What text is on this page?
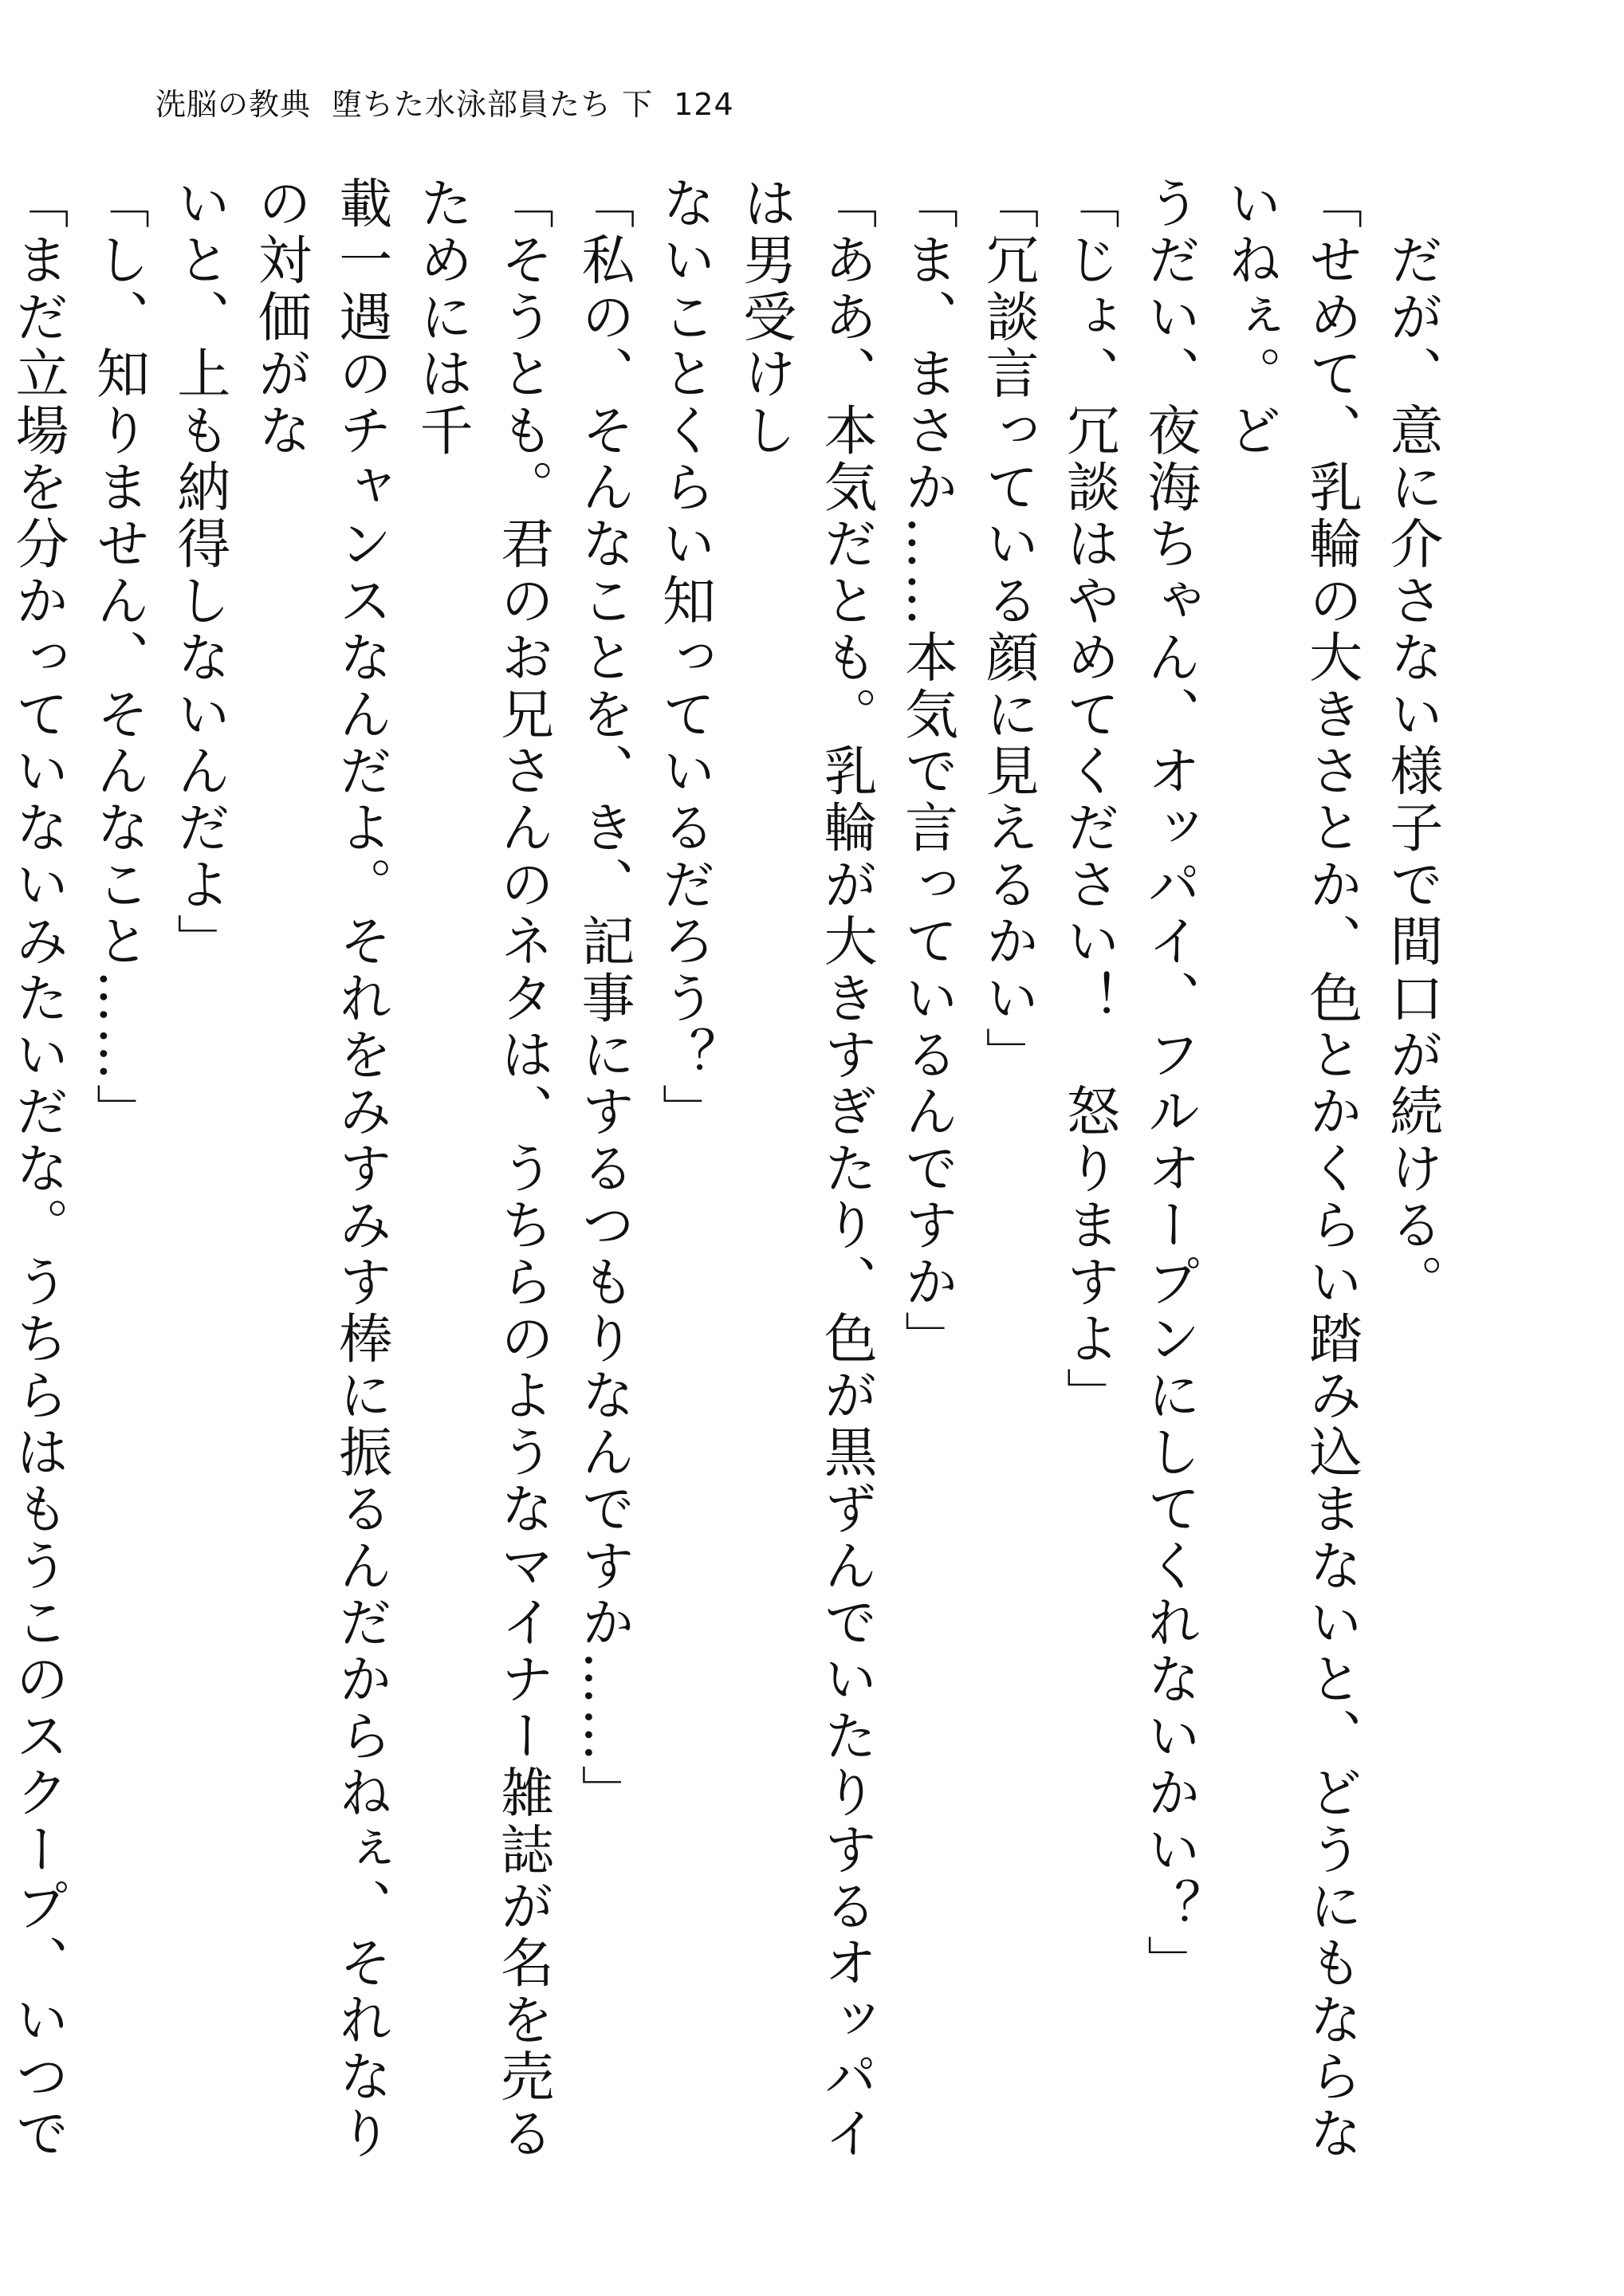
洗脳の教典 堕ちた水泳部員たち 下 124

　だが、意に介さない様子で間口が続ける。

「せめて、乳輪の大きさとか、色とかくらい踏み込まないと、どうにもならないねぇ。ど

うだい、夜海ちゃん、オッパイ、フルオープンにしてくれないかい？」

「じょ、冗談はやめてください！　怒りますよ」

「冗談言っている顔に見えるかい」

「ま、まさか……本気で言っているんですか」

「ああ、本気だとも。乳輪が大きすぎたり、色が黒ずんでいたりするオッパイは男受けし

ないことくらい知っているだろう？」

「私の、そんなことを、き、記事にするつもりなんですか……」

「そうとも。君のお兄さんのネタは、うちらのようなマイナー雑誌が名を売るためには千

載一遇のチャンスなんだよ。それをみすみす棒に振るんだからねぇ、それなりの対価がな

いと、上も納得しないんだよ」

「し、知りません、そんなこと……」

「まだ立場を分かっていないみたいだな。うちらはもうこのスクープ、いつで
